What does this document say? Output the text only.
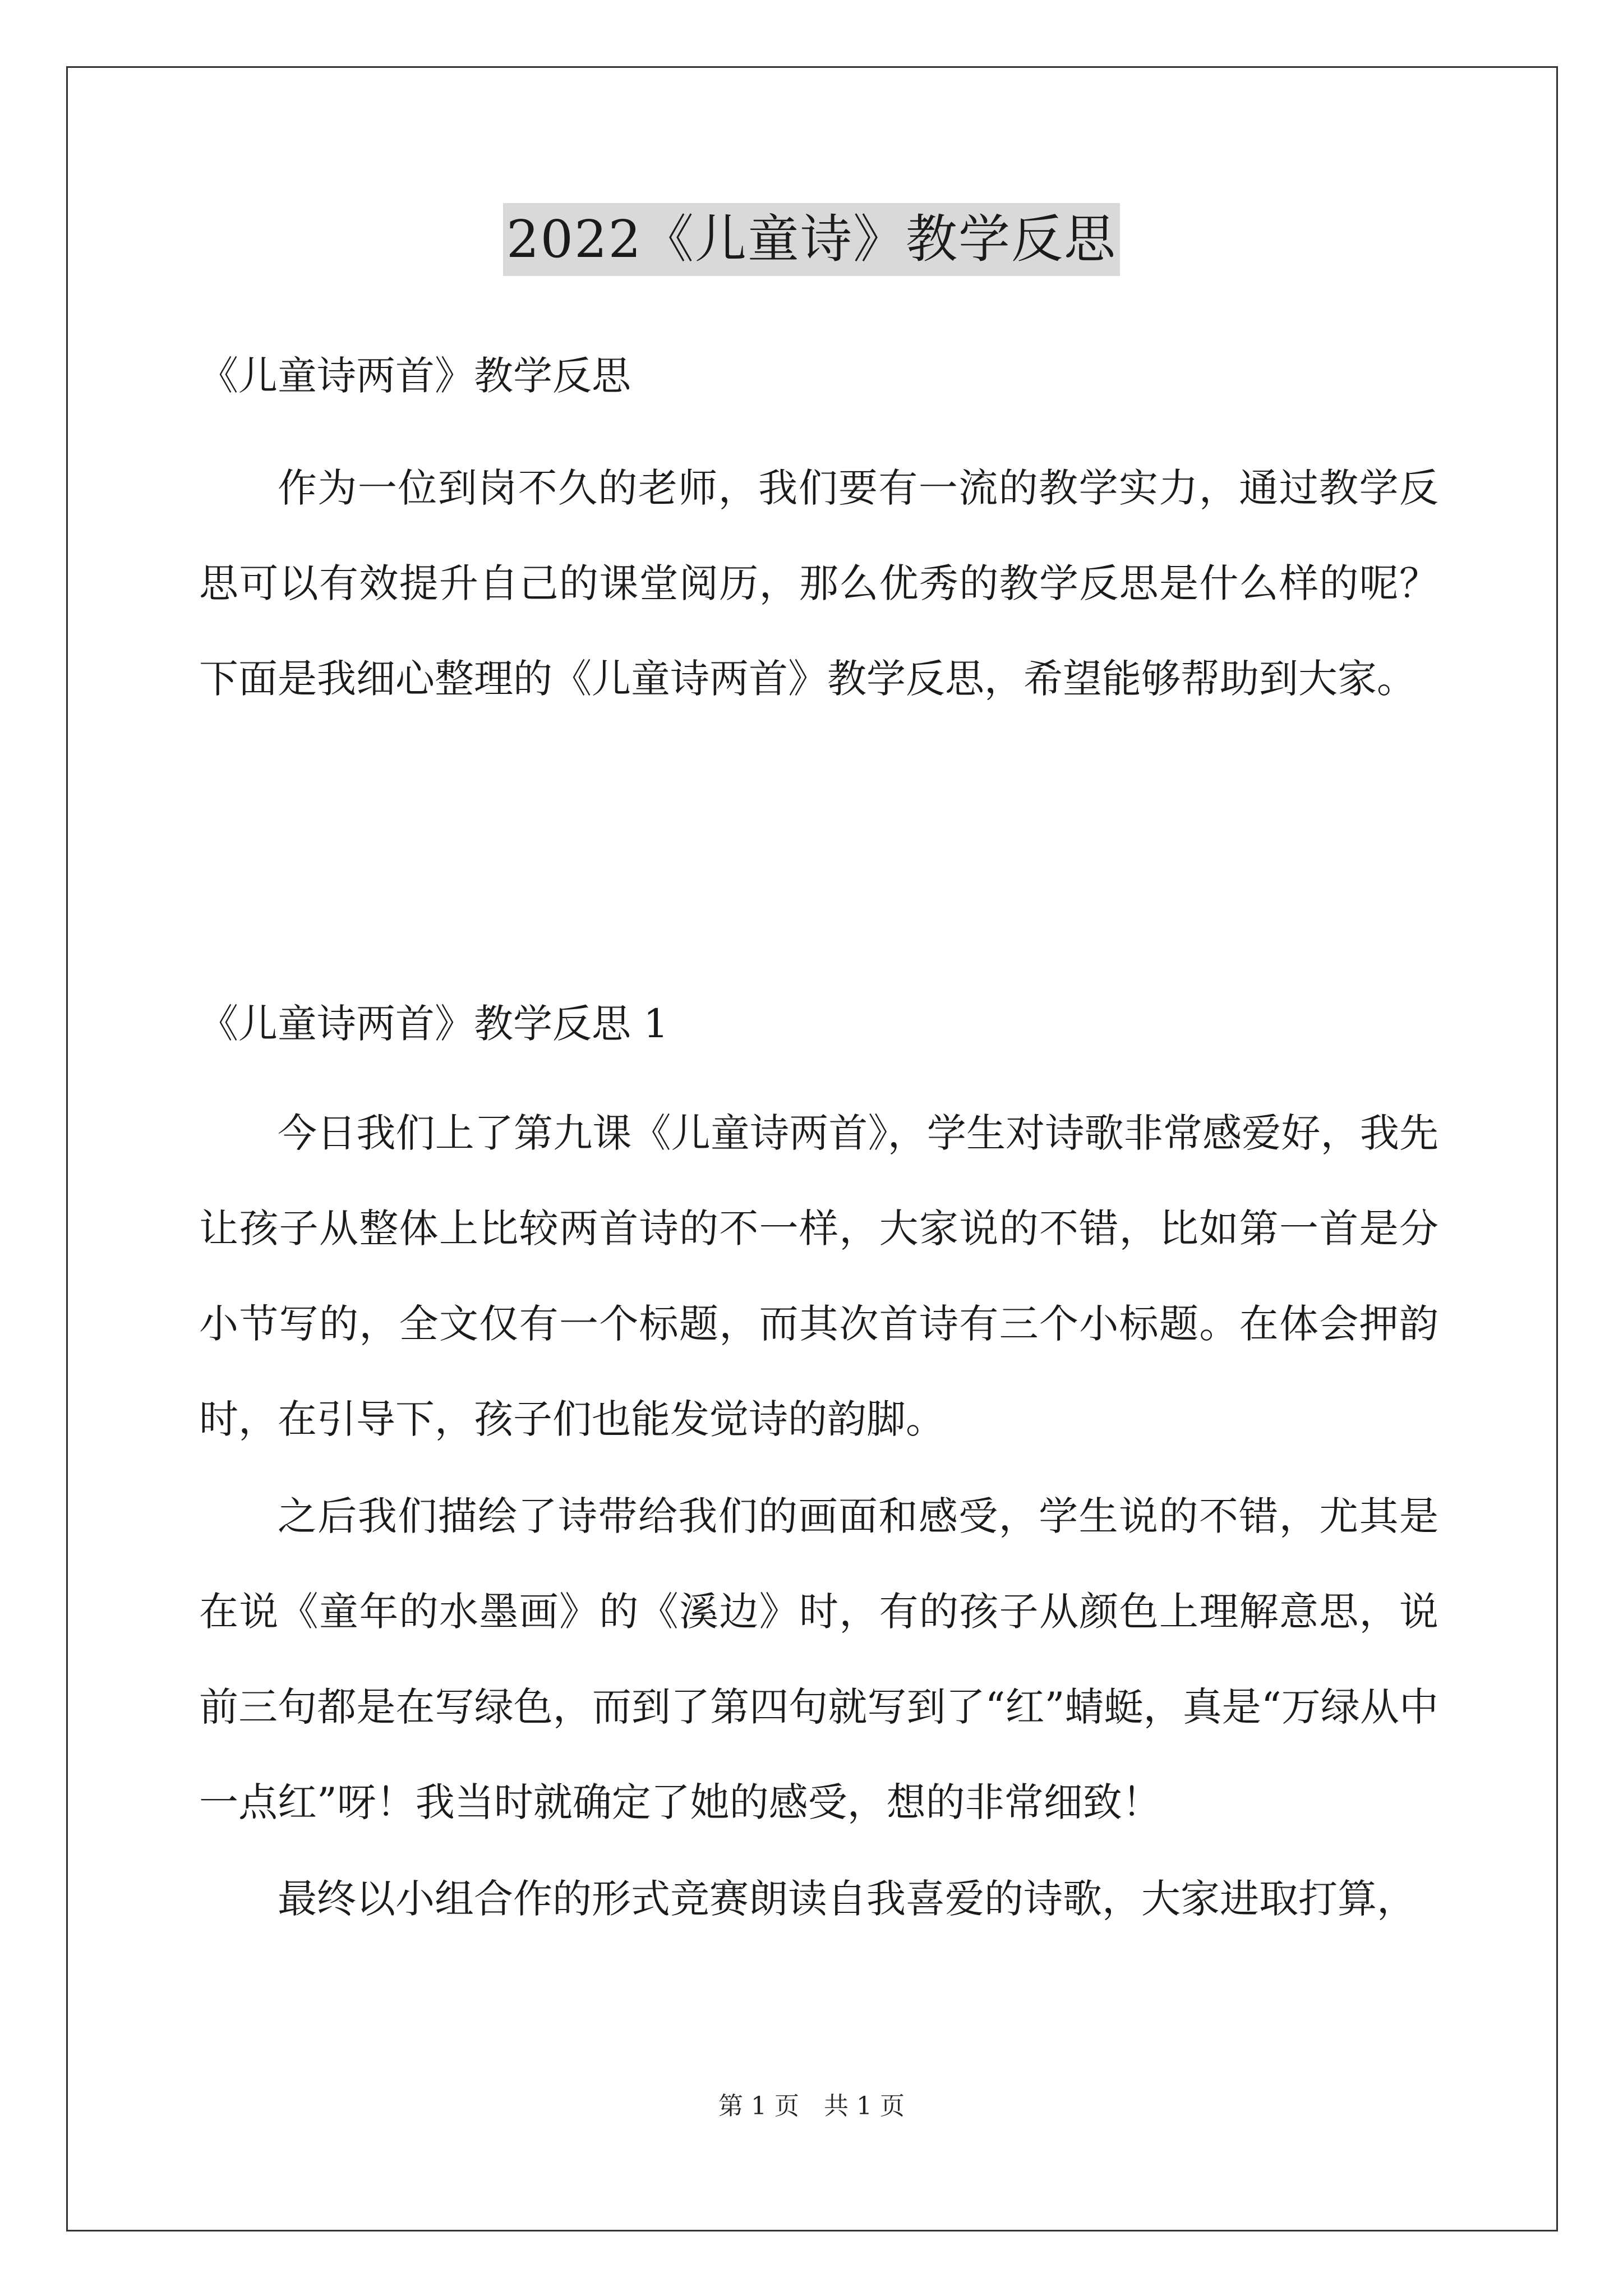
2022《儿童诗》教学反思
《儿童诗两首》教学反思
作为一位到岗不久的老师，我们要有一流的教学实力，通过教学反思可以有效提升自己的课堂阅历，那么优秀的教学反思是什么样的呢？下面是我细心整理的《儿童诗两首》教学反思，希望能够帮助到大家。
《儿童诗两首》教学反思 1
今日我们上了第九课《儿童诗两首》，学生对诗歌非常感爱好，我先让孩子从整体上比较两首诗的不一样，大家说的不错，比如第一首是分小节写的，全文仅有一个标题，而其次首诗有三个小标题。在体会押韵时，在引导下，孩子们也能发觉诗的韵脚。
之后我们描绘了诗带给我们的画面和感受，学生说的不错，尤其是在说《童年的水墨画》的《溪边》时，有的孩子从颜色上理解意思，说前三句都是在写绿色，而到了第四句就写到了“红”蜻蜓，真是“万绿从中一点红”呀！我当时就确定了她的感受，想的非常细致！
最终以小组合作的形式竞赛朗读自我喜爱的诗歌，大家进取打算，
第 1 页　共 1 页
